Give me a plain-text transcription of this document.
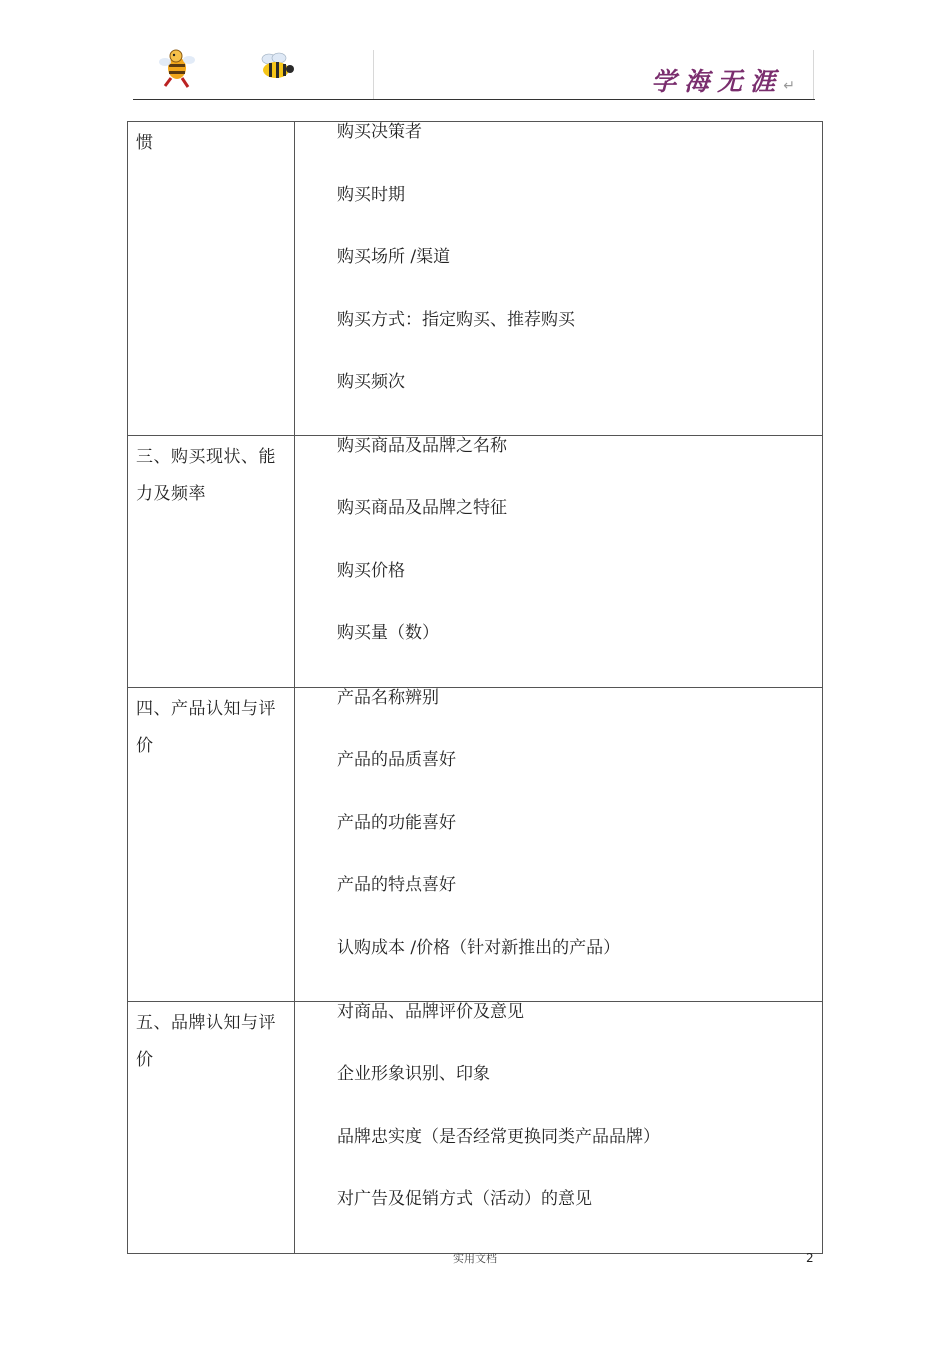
学海无涯↵
惯	购买决策者
购买时期
购买场所 /渠道
购买方式：指定购买、推荐购买
购买频次

三、购买现状、能力及频率	购买商品及品牌之名称
购买商品及品牌之特征
购买价格
购买量（数）

四、产品认知与评价	产品名称辨别
产品的品质喜好
产品的功能喜好
产品的特点喜好
认购成本 /价格（针对新推出的产品）

五、品牌认知与评价	对商品、品牌评价及意见
企业形象识别、印象
品牌忠实度（是否经常更换同类产品品牌）
对广告及促销方式（活动）的意见
实用文档	2
